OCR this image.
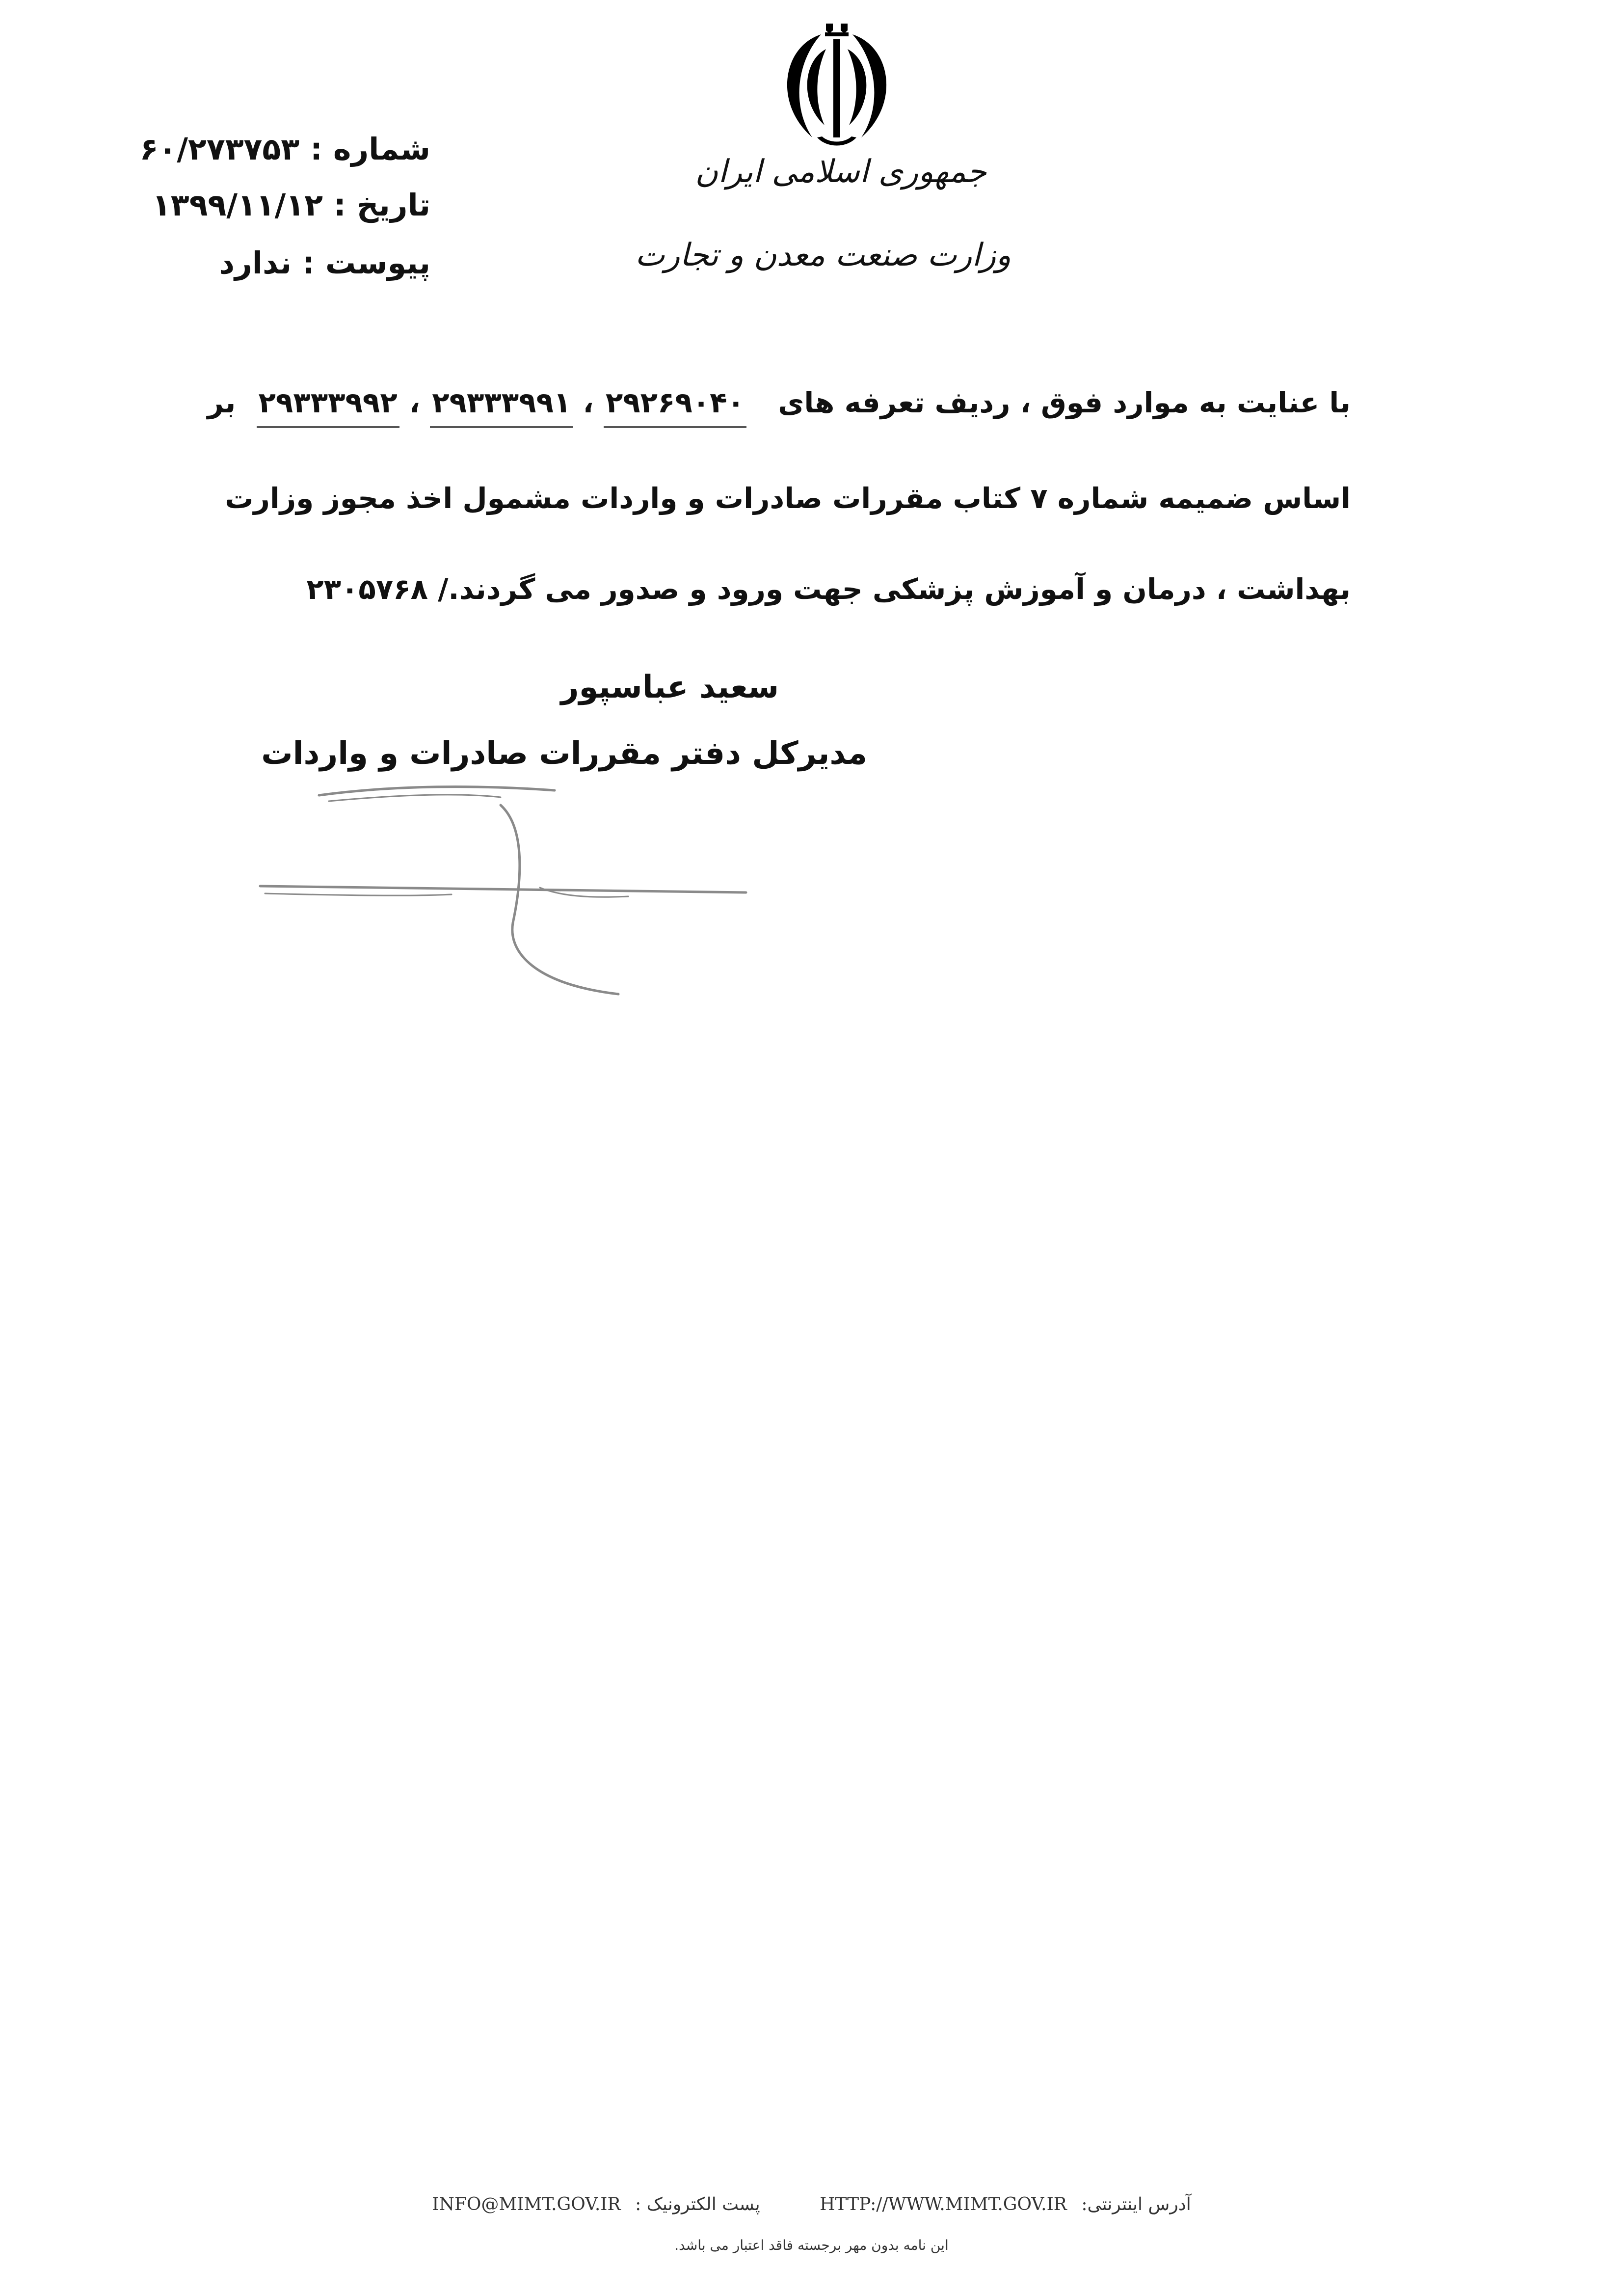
جمهوری اسلامی ایران
وزارت صنعت معدن و تجارت
شماره
:
۶۰/۲۷۳۷۵۳
تاریخ
:
۱۳۹۹/۱۱/۱۲
پیوست
:
ندارد
با عنایت به موارد فوق ، ردیف تعرفه های ۲۹۲۶۹۰۴۰ ، ۲۹۳۳۳۹۹۱ ، ۲۹۳۳۳۹۹۲ بر
اساس ضمیمه شماره ۷ کتاب مقررات صادرات و واردات مشمول اخذ مجوز وزارت
بهداشت ، درمان و آموزش پزشکی جهت ورود و صدور می گردند./ ۲۳۰۵۷۶۸
سعید عباسپور
مدیرکل دفتر مقررات صادرات و واردات
INFO@MIMT.GOV.IR پست الکترونیک :	HTTP://WWW.MIMT.GOV.IR آدرس اینترنتی:
این نامه بدون مهر برجسته فاقد اعتبار می باشد.
